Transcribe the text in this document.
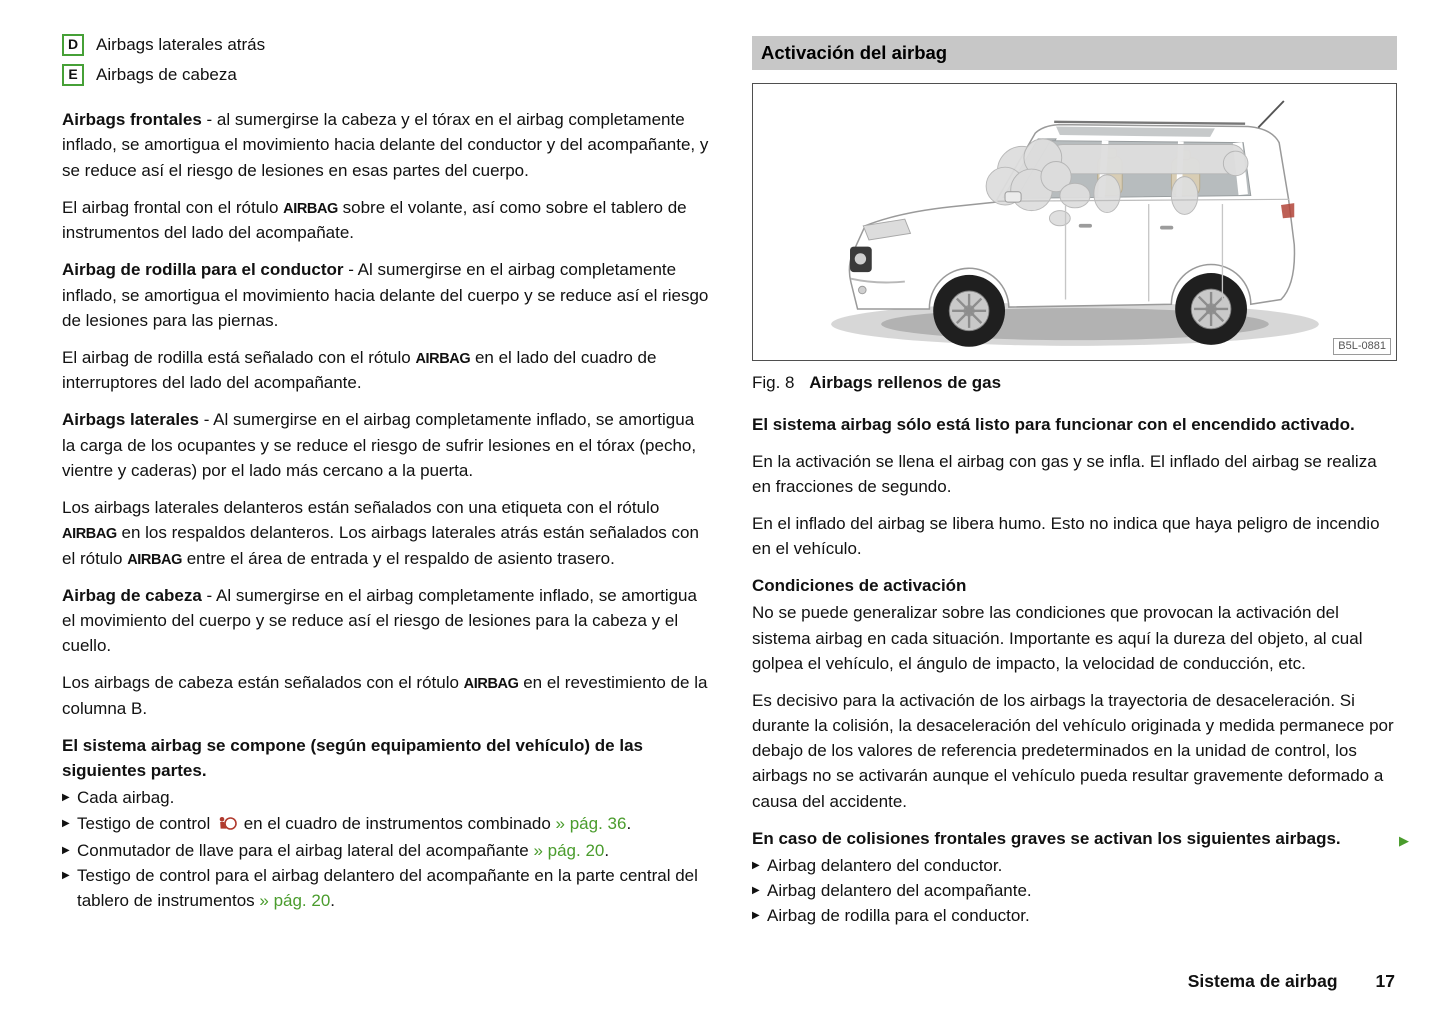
D	Airbags laterales atrás
E	Airbags de cabeza

Airbags frontales - al sumergirse la cabeza y el tórax en el airbag completamente inflado, se amortigua el movimiento hacia delante del conductor y del acompañante, y se reduce así el riesgo de lesiones en esas partes del cuerpo.

El airbag frontal con el rótulo AIRBAG sobre el volante, así como sobre el tablero de instrumentos del lado del acompañate.

Airbag de rodilla para el conductor - Al sumergirse en el airbag completamente inflado, se amortigua el movimiento hacia delante del cuerpo y se reduce así el riesgo de lesiones para las piernas.

El airbag de rodilla está señalado con el rótulo AIRBAG en el lado del cuadro de interruptores del lado del acompañante.

Airbags laterales - Al sumergirse en el airbag completamente inflado, se amortigua la carga de los ocupantes y se reduce el riesgo de sufrir lesiones en el tórax (pecho, vientre y caderas) por el lado más cercano a la puerta.

Los airbags laterales delanteros están señalados con una etiqueta con el rótulo AIRBAG en los respaldos delanteros. Los airbags laterales atrás están señalados con el rótulo AIRBAG entre el área de entrada y el respaldo de asiento trasero.

Airbag de cabeza - Al sumergirse en el airbag completamente inflado, se amortigua el movimiento del cuerpo y se reduce así el riesgo de lesiones para la cabeza y el cuello.

Los airbags de cabeza están señalados con el rótulo AIRBAG en el revestimiento de la columna B.

El sistema airbag se compone (según equipamiento del vehículo) de las siguientes partes.

▶ Cada airbag.
▶ Testigo de control  en el cuadro de instrumentos combinado » pág. 36.
▶ Conmutador de llave para el airbag lateral del acompañante » pág. 20.
▶ Testigo de control para el airbag delantero del acompañante en la parte central del tablero de instrumentos » pág. 20.
Activación del airbag
B5L-0881

Fig. 8 Airbags rellenos de gas

El sistema airbag sólo está listo para funcionar con el encendido activado.

En la activación se llena el airbag con gas y se infla. El inflado del airbag se realiza en fracciones de segundo.

En el inflado del airbag se libera humo. Esto no indica que haya peligro de incendio en el vehículo.

Condiciones de activación

No se puede generalizar sobre las condiciones que provocan la activación del sistema airbag en cada situación. Importante es aquí la dureza del objeto, al cual golpea el vehículo, el ángulo de impacto, la velocidad de conducción, etc.

Es decisivo para la activación de los airbags la trayectoria de desaceleración. Si durante la colisión, la desaceleración del vehículo originada y medida permanece por debajo de los valores de referencia predeterminados en la unidad de control, los airbags no se activarán aunque el vehículo pueda resultar gravemente deformado a causa del accidente.

En caso de colisiones frontales graves se activan los siguientes airbags.

▶ Airbag delantero del conductor.
▶ Airbag delantero del acompañante.
▶ Airbag de rodilla para el conductor.
▶
Sistema de airbag 17
